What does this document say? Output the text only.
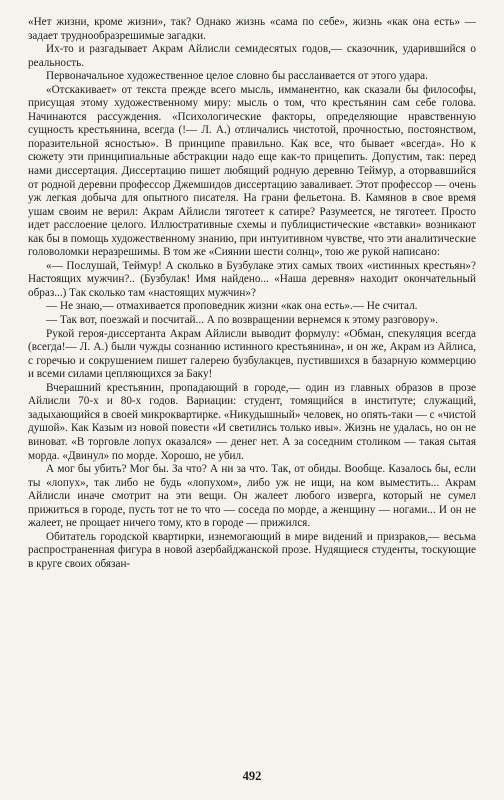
«Нет жизни, кроме жизни», так? Однако жизнь «сама по себе», жизнь «как она есть» — задает труднообразрешимые загадки.

Их-то и разгадывает Акрам Айлисли семидесятых годов,— сказочник, ударившийся о реальность.

Первоначальное художественное целое словно бы расслаивается от этого удара.

«Отскакивает» от текста прежде всего мысль, имманентно, как сказали бы философы, присущая этому художественному миру: мысль о том, что крестьянин сам себе голова. Начинаются рассуждения. «Психологические факторы, определяющие нравственную сущность крестьянина, всегда (!— Л. А.) отличались чистотой, прочностью, постоянством, поразительной ясностью». В принципе правильно. Как все, что бывает «всегда». Но к сюжету эти принципиальные абстракции надо еще как-то прицепить. Допустим, так: перед нами диссертация. Диссертацию пишет любящий родную деревню Теймур, а оторвавшийся от родной деревни профессор Джемшидов диссертацию заваливает. Этот профессор — очень уж легкая добыча для опытного писателя. На грани фельетона. В. Камянов в свое время ушам своим не верил: Акрам Айлисли тяготеет к сатире? Разумеется, не тяготеет. Просто идет расслоение целого. Иллюстративные схемы и публицистические «вставки» возникают как бы в помощь художественному знанию, при интуитивном чувстве, что эти аналитические головоломки неразрешимы. В том же «Сиянии шести солнц», тою же рукой написано:

«— Послушай, Теймур! А сколько в Бузбулаке этих самых твоих «истинных крестьян»? Настоящих мужчин?.. (Бузбулак! Имя найдено... «Наша деревня» находит окончательный образ...) Так сколько там «настоящих мужчин»?

— Не знаю,— отмахивается проповедник жизни «как она есть».— Не считал.

— Так вот, поезжай и посчитай... А по возвращении вернемся к этому разговору».

Рукой героя-диссертанта Акрам Айлисли выводит формулу: «Обман, спекуляция всегда (всегда!— Л. А.) были чужды сознанию истинного крестьянина», и он же, Акрам из Айлиса, с горечью и сокрушением пишет галерею бузбулакцев, пустившихся в базарную коммерцию и всеми силами цепляющихся за Баку!

Вчерашний крестьянин, пропадающий в городе,— один из главных образов в прозе Айлисли 70-х и 80-х годов. Вариации: студент, томящийся в институте; служащий, задыхающийся в своей микроквартирке. «Никудышный» человек, но опять-таки — с «чистой душой». Как Казым из новой повести «И светились только ивы». Жизнь не удалась, но он не виноват. «В торговле лопух оказался» — денег нет. А за соседним столиком — такая сытая морда. «Двинул» по морде. Хорошо, не убил.

А мог бы убить? Мог бы. За что? А ни за что. Так, от обиды. Вообще. Казалось бы, если ты «лопух», так либо не будь «лопухом», либо уж не ищи, на ком выместить... Акрам Айлисли иначе смотрит на эти вещи. Он жалеет любого изверга, который не сумел прижиться в городе, пусть тот не то что — соседа по морде, а женщину — ногами... И он не жалеет, не прощает ничего тому, кто в городе — прижился.

Обитатель городской квартирки, изнемогающий в мире видений и призраков,— весьма распространенная фигура в новой азербайджанской прозе. Нудящиеся студенты, тоскующие в круге своих обязан-

492
